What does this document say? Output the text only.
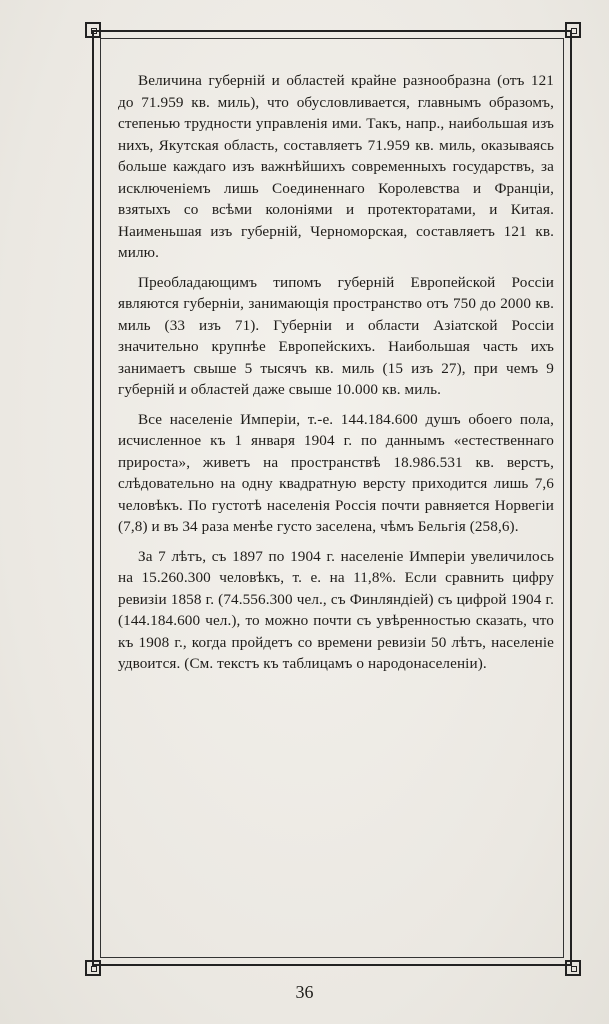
Величина губерній и областей крайне разнообразна (отъ 121 до 71.959 кв. миль), что обусловливается, главнымъ образомъ, степенью трудности управленія ими. Такъ, напр., наибольшая изъ нихъ, Якутская область, составляетъ 71.959 кв. миль, оказываясь больше каждаго изъ важнѣйшихъ современныхъ государствъ, за исключеніемъ лишь Соединеннаго Королевства и Франціи, взятыхъ со всѣми колоніями и протекторатами, и Китая. Наименьшая изъ губерній, Черноморская, составляетъ 121 кв. милю.

Преобладающимъ типомъ губерній Европейской Россіи являются губерніи, занимающія пространство отъ 750 до 2000 кв. миль (33 изъ 71). Губерніи и области Азіатской Россіи значительно крупнѣе Европейскихъ. Наибольшая часть ихъ занимаетъ свыше 5 тысячъ кв. миль (15 изъ 27), при чемъ 9 губерній и областей даже свыше 10.000 кв. миль.

Все населеніе Имперіи, т.-е. 144.184.600 душъ обоего пола, исчисленное къ 1 января 1904 г. по даннымъ «естественнаго прироста», живетъ на пространствѣ 18.986.531 кв. верстъ, слѣдовательно на одну квадратную версту приходится лишь 7,6 человѣкъ. По густотѣ населенія Россія почти равняется Норвегіи (7,8) и въ 34 раза менѣе густо заселена, чѣмъ Бельгія (258,6).

За 7 лѣтъ, съ 1897 по 1904 г. населеніе Имперіи увеличилось на 15.260.300 человѣкъ, т. е. на 11,8%. Если сравнить цифру ревизіи 1858 г. (74.556.300 чел., съ Финляндіей) съ цифрой 1904 г. (144.184.600 чел.), то можно почти съ увѣренностью сказать, что къ 1908 г., когда пройдетъ со времени ревизіи 50 лѣтъ, населеніе удвоится. (См. текстъ къ таблицамъ о народонаселеніи).

36
